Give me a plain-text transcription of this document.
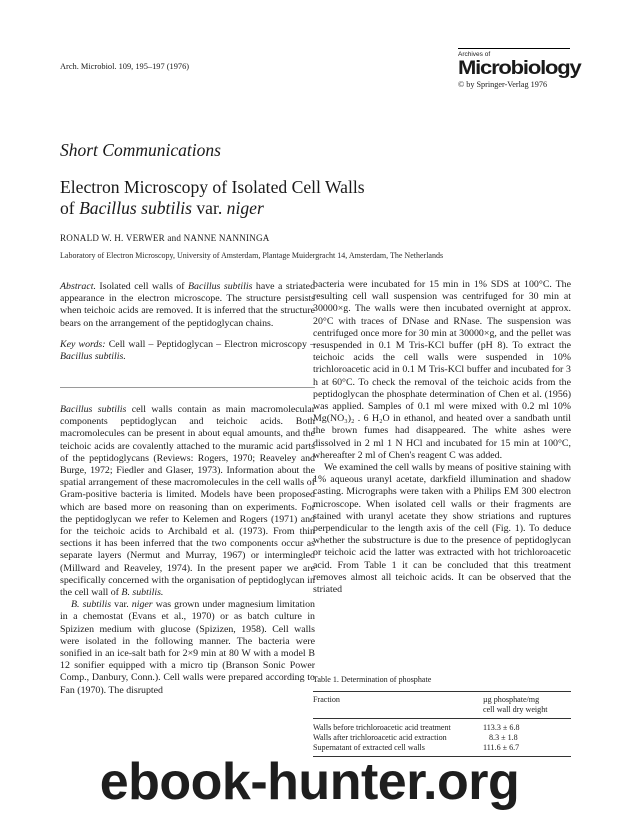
Arch. Microbiol. 109, 195–197 (1976)
Archives of
Microbiology
© by Springer-Verlag 1976
Short Communications
Electron Microscopy of Isolated Cell Walls
of Bacillus subtilis var. niger
RONALD W. H. VERWER and NANNE NANNINGA
Laboratory of Electron Microscopy, University of Amsterdam, Plantage Muidergracht 14, Amsterdam, The Netherlands

Abstract. Isolated cell walls of Bacillus subtilis have a striated appearance in the electron microscope. The structure persists when teichoic acids are removed. It is inferred that the structure bears on the arrangement of the peptidoglycan chains.

Key words: Cell wall – Peptidoglycan – Electron microscopy – Bacillus subtilis.

Bacillus subtilis cell walls contain as main macromolecular components peptidoglycan and teichoic acids. Both macromolecules can be present in about equal amounts, and the teichoic acids are covalently attached to the muramic acid parts of the peptidoglycans (Reviews: Rogers, 1970; Reaveley and Burge, 1972; Fiedler and Glaser, 1973). Information about the spatial arrangement of these macromolecules in the cell walls of Gram-positive bacteria is limited. Models have been proposed which are based more on reasoning than on experiments. For the peptidoglycan we refer to Kelemen and Rogers (1971) and for the teichoic acids to Archibald et al. (1973). From thin sections it has been inferred that the two components occur as separate layers (Nermut and Murray, 1967) or intermingled (Millward and Reaveley, 1974). In the present paper we are specifically concerned with the organisation of peptidoglycan in the cell wall of B. subtilis.

B. subtilis var. niger was grown under magnesium limitation in a chemostat (Evans et al., 1970) or as batch culture in Spizizen medium with glucose (Spizizen, 1958). Cell walls were isolated in the following manner. The bacteria were sonified in an ice-salt bath for 2×9 min at 80 W with a model B 12 sonifier equipped with a micro tip (Branson Sonic Power Comp., Danbury, Conn.). Cell walls were prepared according to Fan (1970). The disrupted

bacteria were incubated for 15 min in 1% SDS at 100°C. The resulting cell wall suspension was centrifuged for 30 min at 30000×g. The walls were then incubated overnight at approx. 20°C with traces of DNase and RNase. The suspension was centrifuged once more for 30 min at 30000×g, and the pellet was resuspended in 0.1 M Tris-KCl buffer (pH 8). To extract the teichoic acids the cell walls were suspended in 10% trichloroacetic acid in 0.1 M Tris-KCl buffer and incubated for 3 h at 60°C. To check the removal of the teichoic acids from the peptidoglycan the phosphate determination of Chen et al. (1956) was applied. Samples of 0.1 ml were mixed with 0.2 ml 10% Mg(NO₃)₂ . 6 H₂O in ethanol, and heated over a sandbath until the brown fumes had disappeared. The white ashes were dissolved in 2 ml 1 N HCl and incubated for 15 min at 100°C, whereafter 2 ml of Chen's reagent C was added.

We examined the cell walls by means of positive staining with 1% aqueous uranyl acetate, darkfield illumination and shadow casting. Micrographs were taken with a Philips EM 300 electron microscope. When isolated cell walls or their fragments are stained with uranyl acetate they show striations and ruptures perpendicular to the length axis of the cell (Fig. 1). To deduce whether the substructure is due to the presence of peptidoglycan or teichoic acid the latter was extracted with hot trichloroacetic acid. From Table 1 it can be concluded that this treatment removes almost all teichoic acids. It can be observed that the striated

Table 1. Determination of phosphate
Fraction	µg phosphate/mg
cell wall dry weight
Walls before trichloroacetic acid treatment	113.3 ± 6.8
Walls after trichloroacetic acid extraction	8.3 ± 1.8
Supernatant of extracted cell walls	111.6 ± 6.7
ebook-hunter.org
